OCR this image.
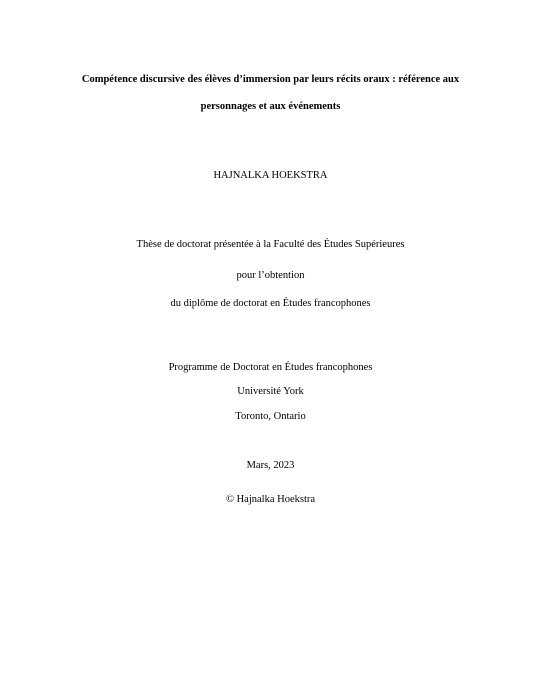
Compétence discursive des élèves d’immersion par leurs récits oraux : référence aux
personnages et aux événements
HAJNALKA HOEKSTRA
Thèse de doctorat présentée à la Faculté des Études Supérieures
pour l’obtention
du diplôme de doctorat en Études francophones
Programme de Doctorat en Études francophones
Université York
Toronto, Ontario
Mars, 2023
© Hajnalka Hoekstra
